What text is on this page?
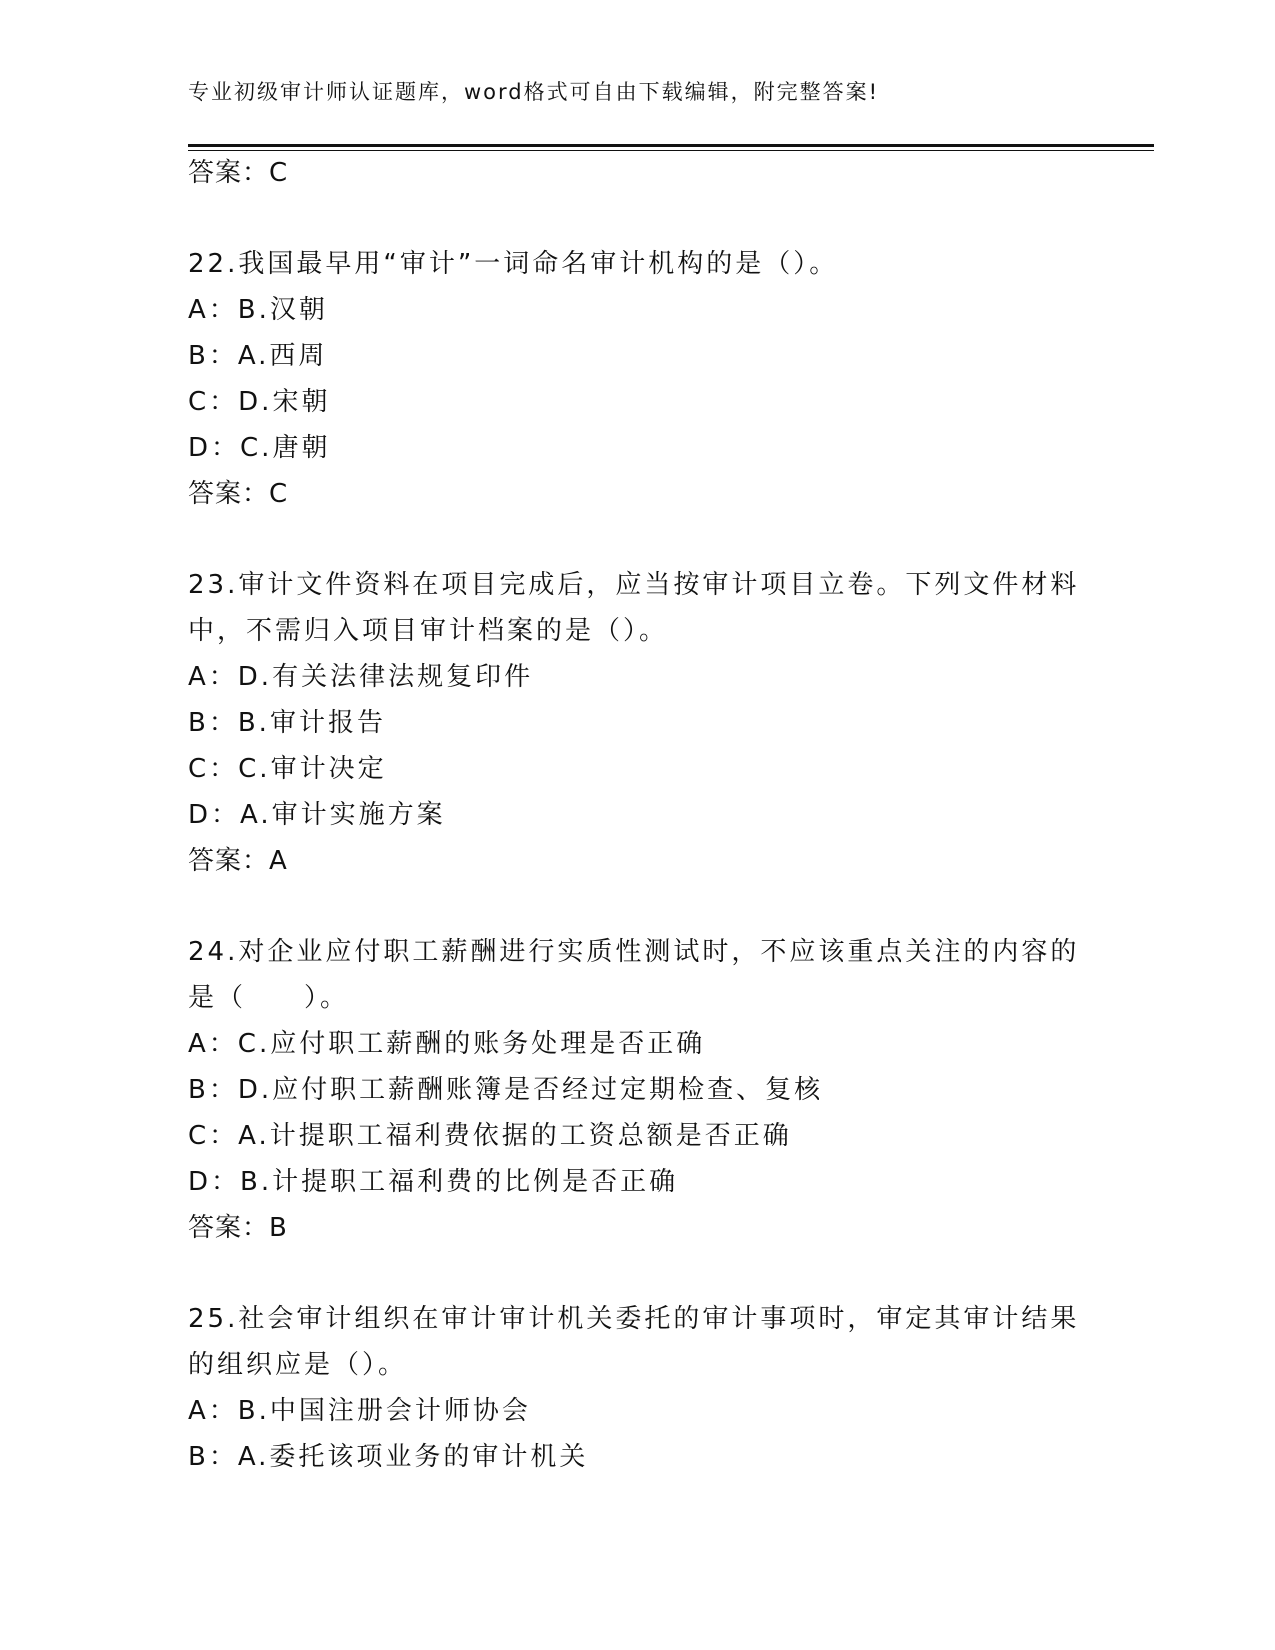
专业初级审计师认证题库，word格式可自由下载编辑，附完整答案!
答案：C
22.我国最早用“审计”一词命名审计机构的是（）。
A：B.汉朝
B：A.西周
C：D.宋朝
D：C.唐朝
答案：C
23.审计文件资料在项目完成后，应当按审计项目立卷。下列文件材料
中，不需归入项目审计档案的是（）。
A：D.有关法律法规复印件
B：B.审计报告
C：C.审计决定
D：A.审计实施方案
答案：A
24.对企业应付职工薪酬进行实质性测试时，不应该重点关注的内容的
是（　　）。
A：C.应付职工薪酬的账务处理是否正确
B：D.应付职工薪酬账簿是否经过定期检查、复核
C：A.计提职工福利费依据的工资总额是否正确
D：B.计提职工福利费的比例是否正确
答案：B
25.社会审计组织在审计审计机关委托的审计事项时，审定其审计结果
的组织应是（）。
A：B.中国注册会计师协会
B：A.委托该项业务的审计机关
